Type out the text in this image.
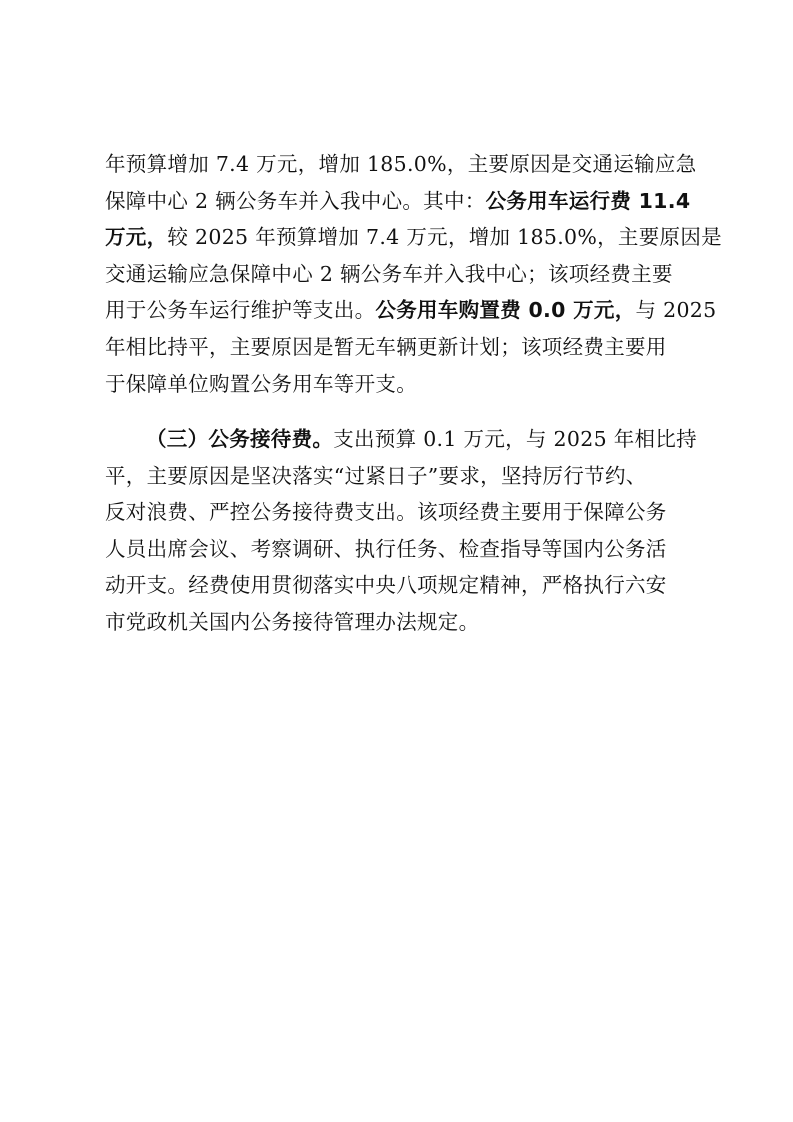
年预算增加 7.4 万元，增加 185.0%，主要原因是交通运输应急
保障中心 2 辆公务车并入我中心。其中：公务用车运行费 11.4
万元，较 2025 年预算增加 7.4 万元，增加 185.0%，主要原因是
交通运输应急保障中心 2 辆公务车并入我中心；该项经费主要
用于公务车运行维护等支出。公务用车购置费 0.0 万元，与 2025
年相比持平，主要原因是暂无车辆更新计划；该项经费主要用
于保障单位购置公务用车等开支。
（三）公务接待费。支出预算 0.1 万元，与 2025 年相比持
平，主要原因是坚决落实“过紧日子”要求，坚持厉行节约、
反对浪费、严控公务接待费支出。该项经费主要用于保障公务
人员出席会议、考察调研、执行任务、检查指导等国内公务活
动开支。经费使用贯彻落实中央八项规定精神，严格执行六安
市党政机关国内公务接待管理办法规定。
